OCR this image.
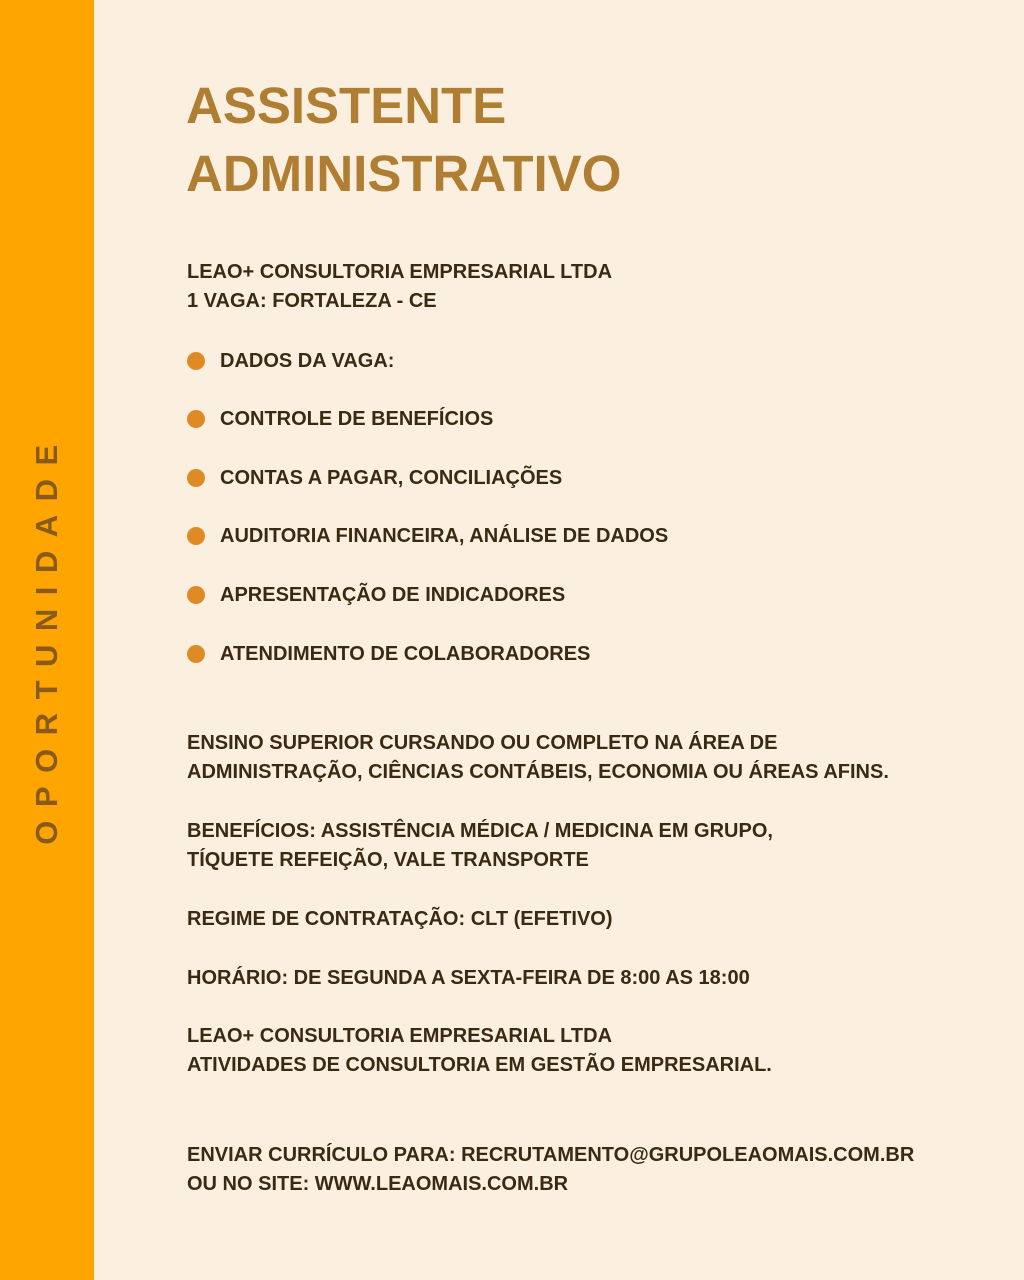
OPORTUNIDADE
ASSISTENTE
ADMINISTRATIVO

LEAO+ CONSULTORIA EMPRESARIAL LTDA
1 VAGA: FORTALEZA - CE

DADOS DA VAGA:
CONTROLE DE BENEFÍCIOS
CONTAS A PAGAR, CONCILIAÇÕES
AUDITORIA FINANCEIRA, ANÁLISE DE DADOS
APRESENTAÇÃO DE INDICADORES
ATENDIMENTO DE COLABORADORES

ENSINO SUPERIOR CURSANDO OU COMPLETO NA ÁREA DE
ADMINISTRAÇÃO, CIÊNCIAS CONTÁBEIS, ECONOMIA OU ÁREAS AFINS.

BENEFÍCIOS: ASSISTÊNCIA MÉDICA / MEDICINA EM GRUPO,
TÍQUETE REFEIÇÃO, VALE TRANSPORTE

REGIME DE CONTRATAÇÃO: CLT (EFETIVO)

HORÁRIO: DE SEGUNDA A SEXTA-FEIRA DE 8:00 AS 18:00

LEAO+ CONSULTORIA EMPRESARIAL LTDA
ATIVIDADES DE CONSULTORIA EM GESTÃO EMPRESARIAL.

ENVIAR CURRÍCULO PARA: RECRUTAMENTO@GRUPOLEAOMAIS.COM.BR
OU NO SITE: WWW.LEAOMAIS.COM.BR
